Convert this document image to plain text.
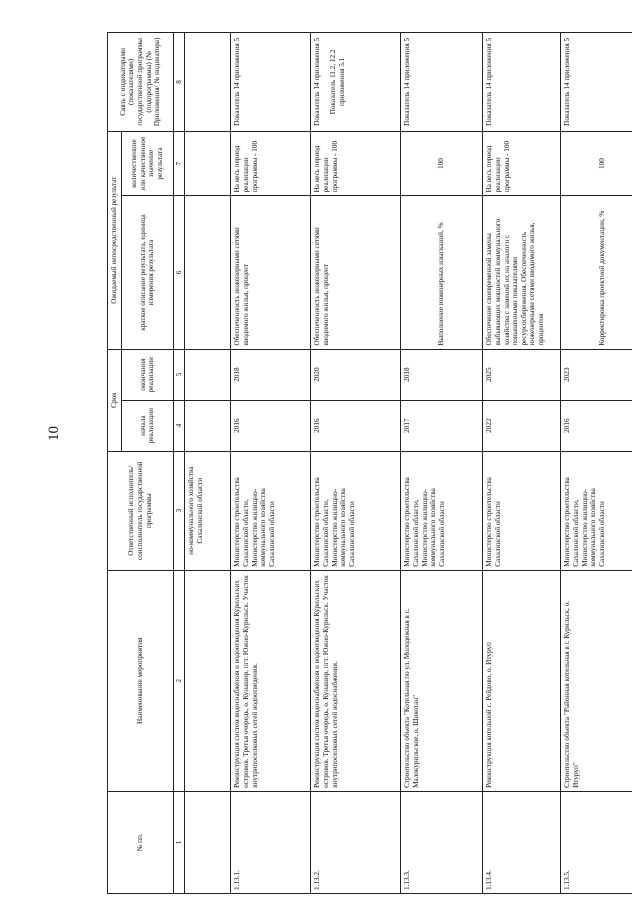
10
№ пп.	Наименование мероприятия	Ответственный исполнитель/соисполнитель государственной программы	Срок		Ожидаемый непосредственный результат		Связь с индикаторами (показателями) государственной программы (подпрограммы) (№ Приложения/ № индикатора)
			начала реализации	окончания реализации	краткое описание результата, единица измерения результата	количественное или качественное значение результата	
1	2	3	4	5	6	7	8
		но-коммунального хозяйства Сахалинской области					
1.13.1.	Реконструкция систем водоснабжения и водоотведения Курильских островов. Третья очередь, о. Кунашир, пгт. Южно-Курильск. Участок внутрипоселковых сетей водоотведения.	Министерство строительства Сахалинской области, Министерство жилищно-коммунального хозяйства Сахалинской области	2016	2018	Обеспеченность инженерными сетями вводимого жилья, процент	На весь период реализации программы - 100	Показатель 14 приложения 5
1.13.2.	Реконструкция систем водоснабжения и водоотведения Курильских островов. Третья очередь, о. Кунашир, пгт. Южно-Курильск. Участок внутрипоселковых сетей водоснабжения.	Министерство строительства Сахалинской области, Министерство жилищно-коммунального хозяйства Сахалинской области	2016	2020	Обеспеченность инженерными сетями вводимого жилья, процент	На весь период реализации программы - 100	Показатель 14 приложения 5 Показатель 11.2, 12.2 приложения 5.1

1.13.3.	Строительство объекта "Котельная по ул. Молодежная в с. Малокурильское, о. Шикотан"	Министерство строительства Сахалинской области, Министерство жилищно-коммунального хозяйства Сахалинской области	2017	2018	Выполнение инженерных изысканий, %	100	Показатель 14 приложения 5
1.13.4.	Реконструкция котельной с. Рейдово, о. Итуруп	Министерство строительства Сахалинской области	2022	2025	Обеспечение своевременной замены выбывающих мощностей коммунального хозяйства с заменой их на аналоги с повышенными показателями ресурсосбережения. Обеспеченность инженерными сетями вводимого жилья, процентов	На весь период реализации программы - 100	Показатель 14 приложения 5
1.13.5.	Строительство объекта "Районная котельная в г. Курильск, о. Итуруп"	Министерство строительства Сахалинской области, Министерство жилищно-коммунального хозяйства Сахалинской области	2016	2023	Корректировка проектной документации, %	100	Показатель 14 приложения 5
